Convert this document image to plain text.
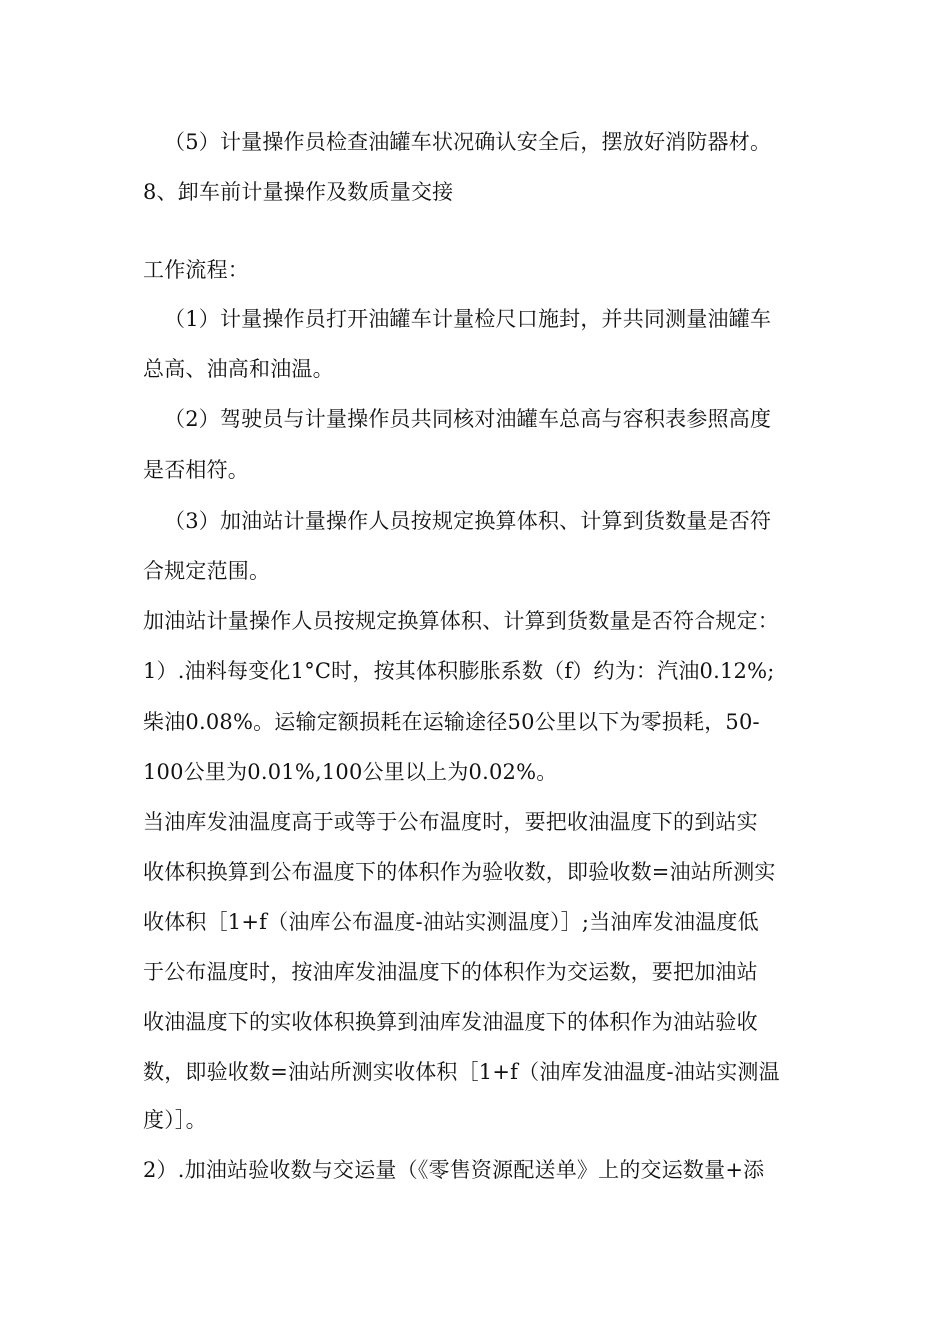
（5）计量操作员检查油罐车状况确认安全后，摆放好消防器材。
8、卸车前计量操作及数质量交接
工作流程：
（1）计量操作员打开油罐车计量检尺口施封，并共同测量油罐车
总高、油高和油温。
（2）驾驶员与计量操作员共同核对油罐车总高与容积表参照高度
是否相符。
（3）加油站计量操作人员按规定换算体积、计算到货数量是否符
合规定范围。
加油站计量操作人员按规定换算体积、计算到货数量是否符合规定：
1）.油料每变化1°C时，按其体积膨胀系数（f）约为：汽油0.12%;
柴油0.08%。运输定额损耗在运输途径50公里以下为零损耗，50-
100公里为0.01%,100公里以上为0.02%。
当油库发油温度高于或等于公布温度时，要把收油温度下的到站实
收体积换算到公布温度下的体积作为验收数，即验收数=油站所测实
收体积［1+f（油库公布温度-油站实测温度）］;当油库发油温度低
于公布温度时，按油库发油温度下的体积作为交运数，要把加油站
收油温度下的实收体积换算到油库发油温度下的体积作为油站验收
数，即验收数=油站所测实收体积［1+f（油库发油温度-油站实测温
度）］。
2）.加油站验收数与交运量（《零售资源配送单》上的交运数量+添
